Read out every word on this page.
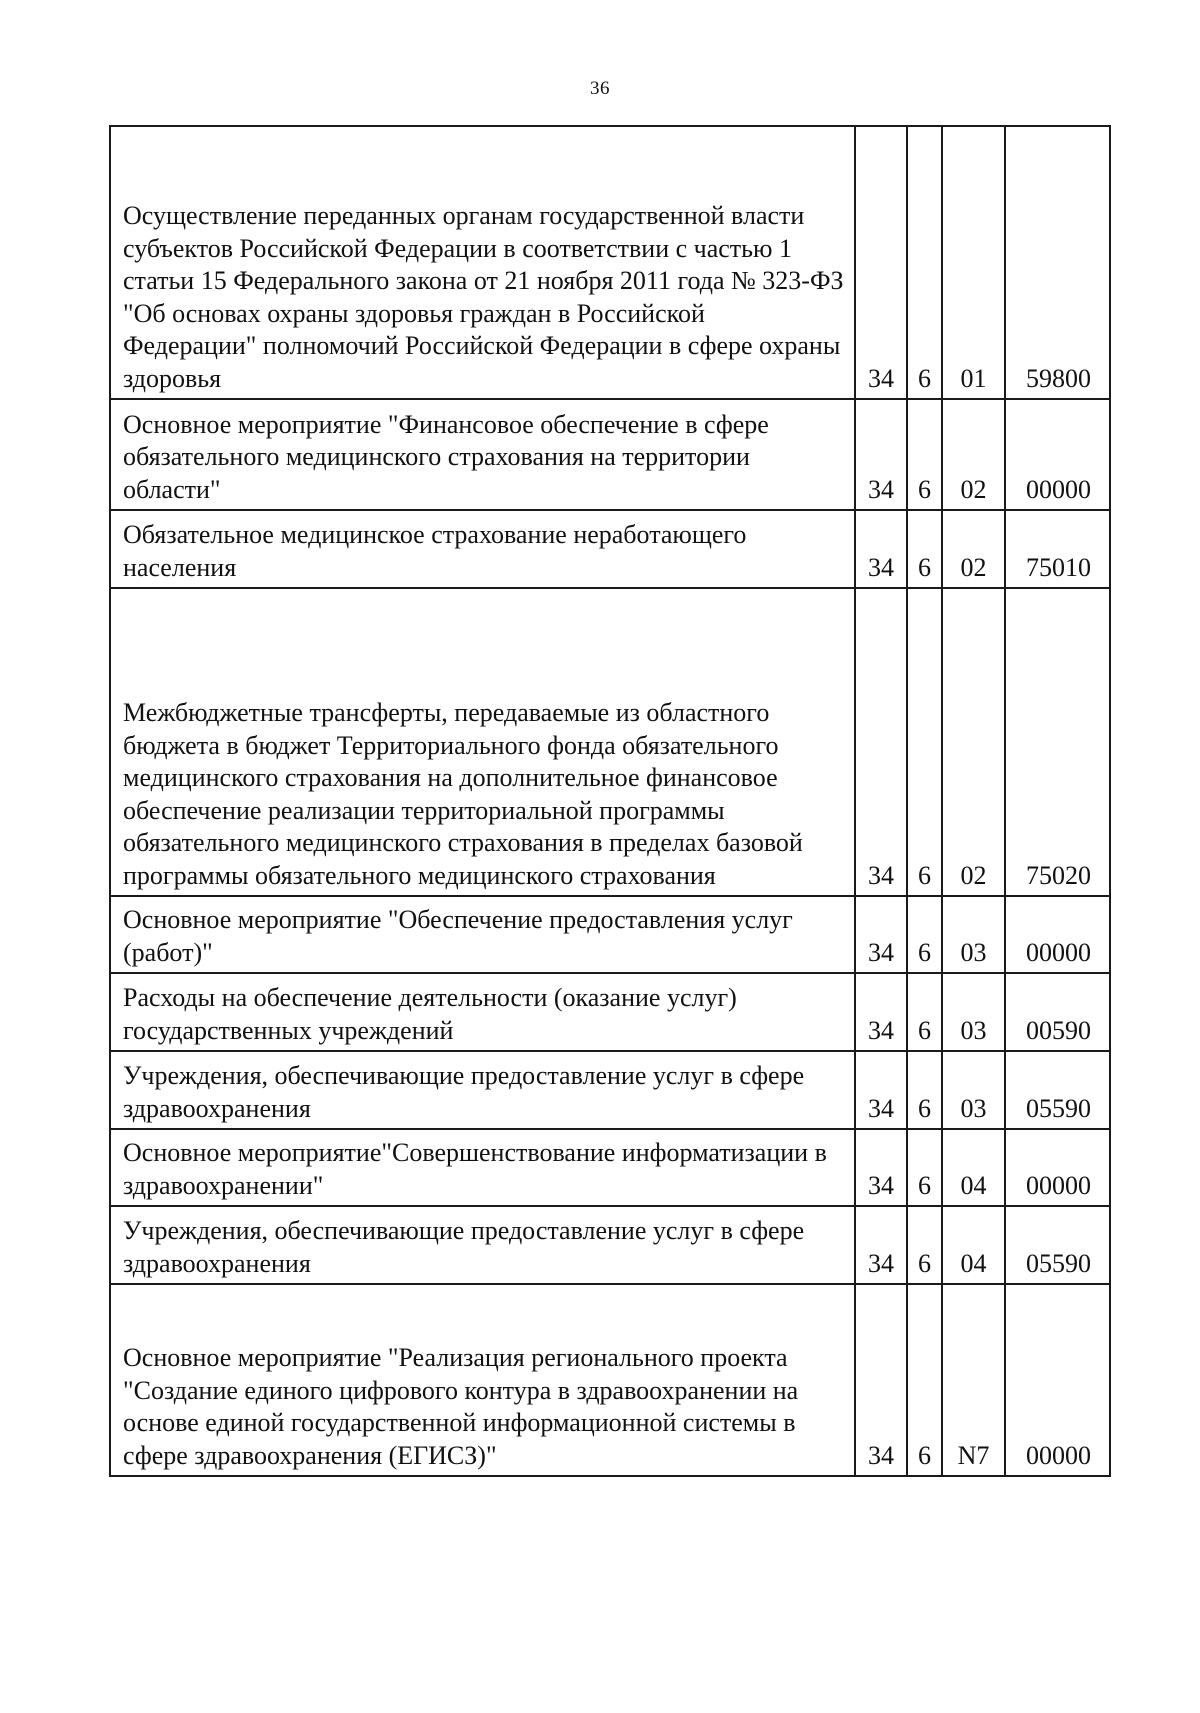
36
Осуществление переданных органам государственной власти субъектов Российской Федерации в соответствии с частью 1 статьи 15 Федерального закона от 21 ноября 2011 года № 323-ФЗ "Об основах охраны здоровья граждан в Российской Федерации" полномочий Российской Федерации в сфере охраны здоровья	34	6	01	59800
Основное мероприятие "Финансовое обеспечение в сфере обязательного медицинского страхования на территории области"	34	6	02	00000
Обязательное медицинское страхование неработающего населения	34	6	02	75010
Межбюджетные трансферты, передаваемые из областного бюджета в бюджет Территориального фонда обязательного медицинского страхования на дополнительное финансовое обеспечение реализации территориальной программы обязательного медицинского страхования в пределах базовой программы обязательного медицинского страхования	34	6	02	75020
Основное мероприятие "Обеспечение предоставления услуг (работ)"	34	6	03	00000
Расходы на обеспечение деятельности (оказание услуг) государственных учреждений	34	6	03	00590
Учреждения, обеспечивающие предоставление услуг в сфере здравоохранения	34	6	03	05590
Основное мероприятие"Совершенствование информатизации в здравоохранении"	34	6	04	00000
Учреждения, обеспечивающие предоставление услуг в сфере здравоохранения	34	6	04	05590
Основное мероприятие "Реализация регионального проекта "Создание единого цифрового контура в здравоохранении на основе единой государственной информационной системы в сфере здравоохранения (ЕГИСЗ)"	34	6	N7	00000
